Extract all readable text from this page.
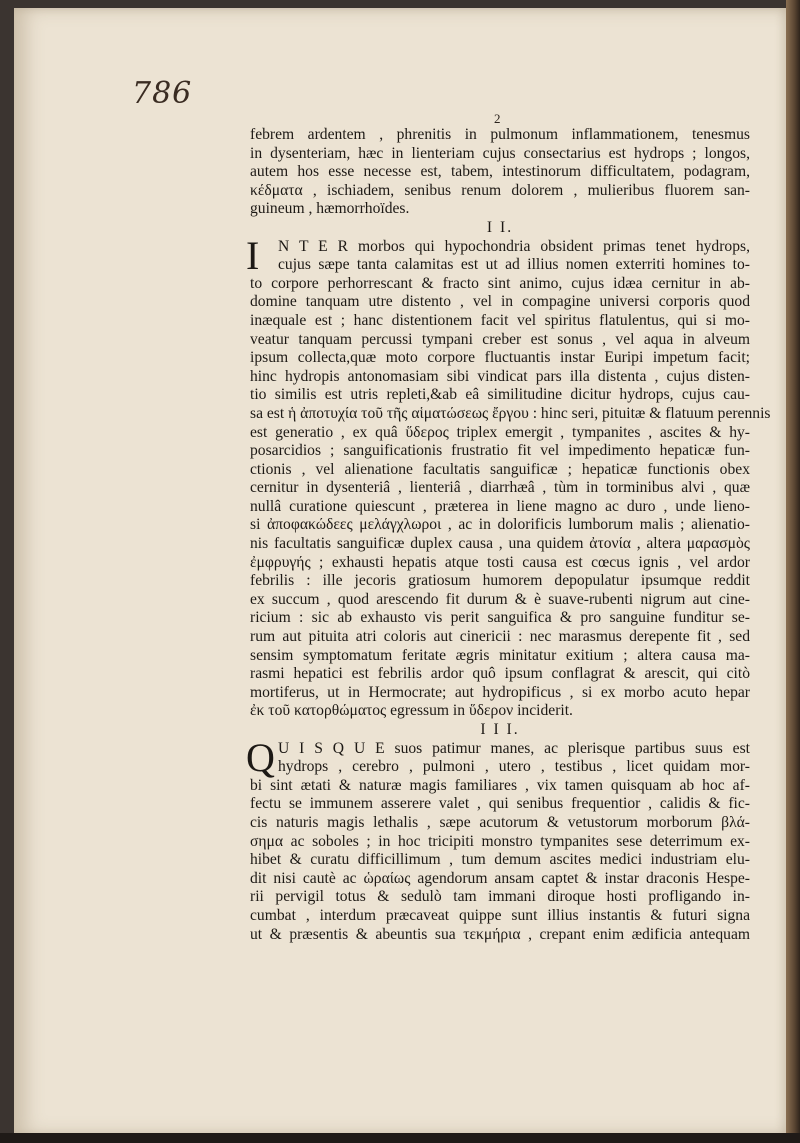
786
2
febrem ardentem , phrenitis in pulmonum inflammationem, tenesmus
in dysenteriam, hæc in lienteriam cujus consectarius est hydrops ; longos,
autem hos esse necesse est, tabem, intestinorum difficultatem, podagram,
κέδματα , ischiadem, senibus renum dolorem , mulieribus fluorem san-
guineum , hæmorrhoïdes.
I I.
I	N T E R morbos qui hypochondria obsident primas tenet hydrops,
cujus sæpe tanta calamitas est ut ad illius nomen exterriti homines to-
to corpore perhorrescant & fracto sint animo, cujus idæa cernitur in ab-
domine tanquam utre distento , vel in compagine universi corporis quod
inæquale est ; hanc distentionem facit vel spiritus flatulentus, qui si mo-
veatur tanquam percussi tympani creber est sonus , vel aqua in alveum
ipsum collecta,quæ moto corpore fluctuantis instar Euripi impetum facit;
hinc hydropis antonomasiam sibi vindicat pars illa distenta , cujus disten-
tio similis est utris repleti,&ab eâ similitudine dicitur hydrops, cujus cau-
sa est ἡ ἀποτυχία τοῦ τῆς αἱματώσεως ἔργου : hinc seri, pituitæ & flatuum perennis
est generatio , ex quâ ὕδερος triplex emergit , tympanites , ascites & hy-
posarcidios ; sanguificationis frustratio fit vel impedimento hepaticæ fun-
ctionis , vel alienatione facultatis sanguificæ ; hepaticæ functionis obex
cernitur in dysenteriâ , lienteriâ , diarrhæâ , tùm in torminibus alvi , quæ
nullâ curatione quiescunt , præterea in liene magno ac duro , unde lieno-
si ἀποφακώδεες μελάγχλωροι , ac in dolorificis lumborum malis ; alienatio-
nis facultatis sanguificæ duplex causa , una quidem ἀτονία , altera μαρασμὸς
ἐμφρυγής ; exhausti hepatis atque tosti causa est cœcus ignis , vel ardor
febrilis : ille jecoris gratiosum humorem depopulatur ipsumque reddit
ex succum , quod arescendo fit durum & è suave-rubenti nigrum aut cine-
ricium : sic ab exhausto vis perit sanguifica & pro sanguine funditur se-
rum aut pituita atri coloris aut cinericii : nec marasmus derepente fit , sed
sensim symptomatum feritate ægris minitatur exitium ; altera causa ma-
rasmi hepatici est febrilis ardor quô ipsum conflagrat & arescit, qui citò
mortiferus, ut in Hermocrate; aut hydropificus , si ex morbo acuto hepar
ἐκ τοῦ κατορθώματος egressum in ὕδερον inciderit.
I I I.
Q U I S Q U E suos patimur manes, ac plerisque partibus suus est
hydrops , cerebro , pulmoni , utero , testibus , licet quidam mor-
bi sint ætati & naturæ magis familiares , vix tamen quisquam ab hoc af-
fectu se immunem asserere valet , qui senibus frequentior , calidis & fic-
cis naturis magis lethalis , sæpe acutorum & vetustorum morborum βλά-
σημα ac soboles ; in hoc tricipiti monstro tympanites sese deterrimum ex-
hibet & curatu difficillimum , tum demum ascites medici industriam elu-
dit nisi cautè ac ὡραίως agendorum ansam captet & instar draconis Hespe-
rii pervigil totus & sedulò tam immani diroque hosti profligando in-
cumbat , interdum præcaveat quippe sunt illius instantis & futuri signa
ut & præsentis & abeuntis sua τεκμήρια , crepant enim ædificia antequam
